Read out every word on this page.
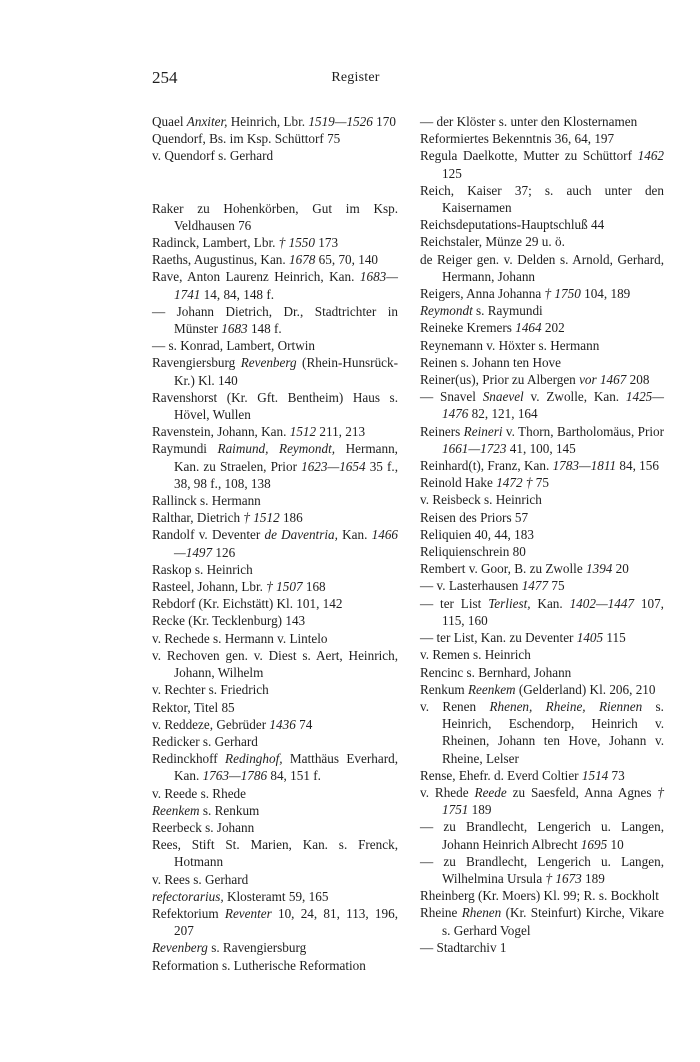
254	Register

Quael Anxiter, Heinrich, Lbr. 1519—1526 170

Quendorf, Bs. im Ksp. Schüttorf 75

v. Quendorf s. Gerhard

Raker zu Hohenkörben, Gut im Ksp. Veldhausen 76

Radinck, Lambert, Lbr. † 1550 173

Raeths, Augustinus, Kan. 1678 65, 70, 140

Rave, Anton Laurenz Heinrich, Kan. 1683—1741 14, 84, 148 f.

— Johann Dietrich, Dr., Stadtrichter in Münster 1683 148 f.

— s. Konrad, Lambert, Ortwin

Ravengiersburg Revenberg (Rhein-Hunsrück-Kr.) Kl. 140

Ravenshorst (Kr. Gft. Bentheim) Haus s. Hövel, Wullen

Ravenstein, Johann, Kan. 1512 211, 213

Raymundi Raimund, Reymondt, Hermann, Kan. zu Straelen, Prior 1623—1654 35 f., 38, 98 f., 108, 138

Rallinck s. Hermann

Ralthar, Dietrich † 1512 186

Randolf v. Deventer de Daventria, Kan. 1466—1497 126

Raskop s. Heinrich

Rasteel, Johann, Lbr. † 1507 168

Rebdorf (Kr. Eichstätt) Kl. 101, 142

Recke (Kr. Tecklenburg) 143

v. Rechede s. Hermann v. Lintelo

v. Rechoven gen. v. Diest s. Aert, Heinrich, Johann, Wilhelm

v. Rechter s. Friedrich

Rektor, Titel 85

v. Reddeze, Gebrüder 1436 74

Redicker s. Gerhard

Redinckhoff Redinghof, Matthäus Everhard, Kan. 1763—1786 84, 151 f.

v. Reede s. Rhede

Reenkem s. Renkum

Reerbeck s. Johann

Rees, Stift St. Marien, Kan. s. Frenck, Hotmann

v. Rees s. Gerhard

refectorarius, Klosteramt 59, 165

Refektorium Reventer 10, 24, 81, 113, 196, 207

Revenberg s. Ravengiersburg

Reformation s. Lutherische Reformation

— der Klöster s. unter den Klosternamen

Reformiertes Bekenntnis 36, 64, 197

Regula Daelkotte, Mutter zu Schüttorf 1462 125

Reich, Kaiser 37; s. auch unter den Kaisernamen

Reichsdeputations-Hauptschluß 44

Reichstaler, Münze 29 u. ö.

de Reiger gen. v. Delden s. Arnold, Gerhard, Hermann, Johann

Reigers, Anna Johanna † 1750 104, 189

Reymondt s. Raymundi

Reineke Kremers 1464 202

Reynemann v. Höxter s. Hermann

Reinen s. Johann ten Hove

Reiner(us), Prior zu Albergen vor 1467 208

— Snavel Snaevel v. Zwolle, Kan. 1425—1476 82, 121, 164

Reiners Reineri v. Thorn, Bartholomäus, Prior 1661—1723 41, 100, 145

Reinhard(t), Franz, Kan. 1783—1811 84, 156

Reinold Hake 1472 † 75

v. Reisbeck s. Heinrich

Reisen des Priors 57

Reliquien 40, 44, 183

Reliquienschrein 80

Rembert v. Goor, B. zu Zwolle 1394 20

— v. Lasterhausen 1477 75

— ter List Terliest, Kan. 1402—1447 107, 115, 160

— ter List, Kan. zu Deventer 1405 115

v. Remen s. Heinrich

Rencinc s. Bernhard, Johann

Renkum Reenkem (Gelderland) Kl. 206, 210

v. Renen Rhenen, Rheine, Riennen s. Heinrich, Eschendorp, Heinrich v. Rheinen, Johann ten Hove, Johann v. Rheine, Lelser

Rense, Ehefr. d. Everd Coltier 1514 73

v. Rhede Reede zu Saesfeld, Anna Agnes † 1751 189

— zu Brandlecht, Lengerich u. Langen, Johann Heinrich Albrecht 1695 10

— zu Brandlecht, Lengerich u. Langen, Wilhelmina Ursula † 1673 189

Rheinberg (Kr. Moers) Kl. 99; R. s. Bockholt

Rheine Rhenen (Kr. Steinfurt) Kirche, Vikare s. Gerhard Vogel

— Stadtarchiv 1
